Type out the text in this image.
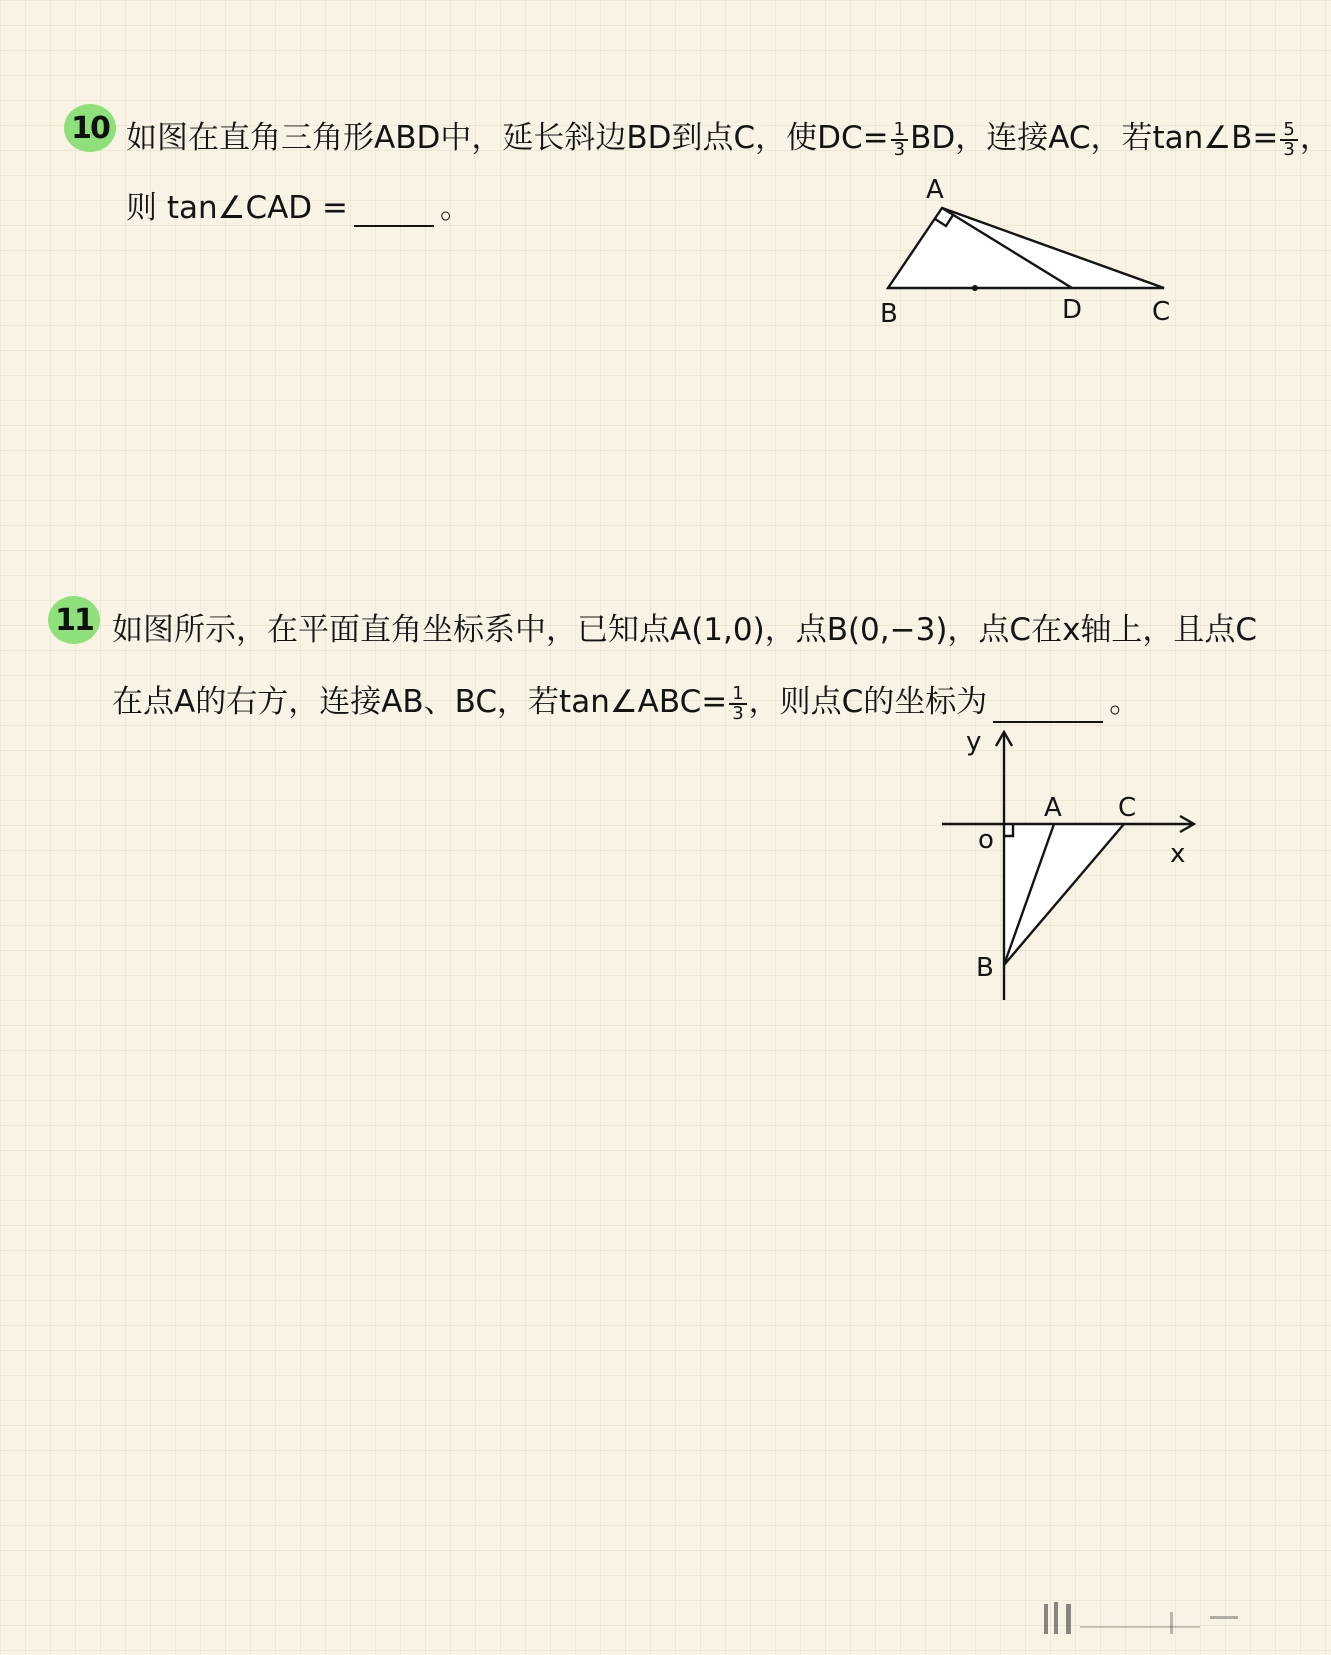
10 如图在直角三角形ABD中，延长斜边BD到点C，使$DC= \frac{1}{3}$ BD，连接AC，若tan∠B= $\frac{5}{3}$ ，
则 tan∠CAD =	。	A
B	D	C
11 如图所示，在平面直角坐标系中，已知点A(1,0)，点B(0,−3)，点C在x轴上，且点C
在点A的右方，连接AB、BC，若tan∠ABC= $\frac{1}{3}$ ，则点C的坐标为	。
y
x
o
A C
B
